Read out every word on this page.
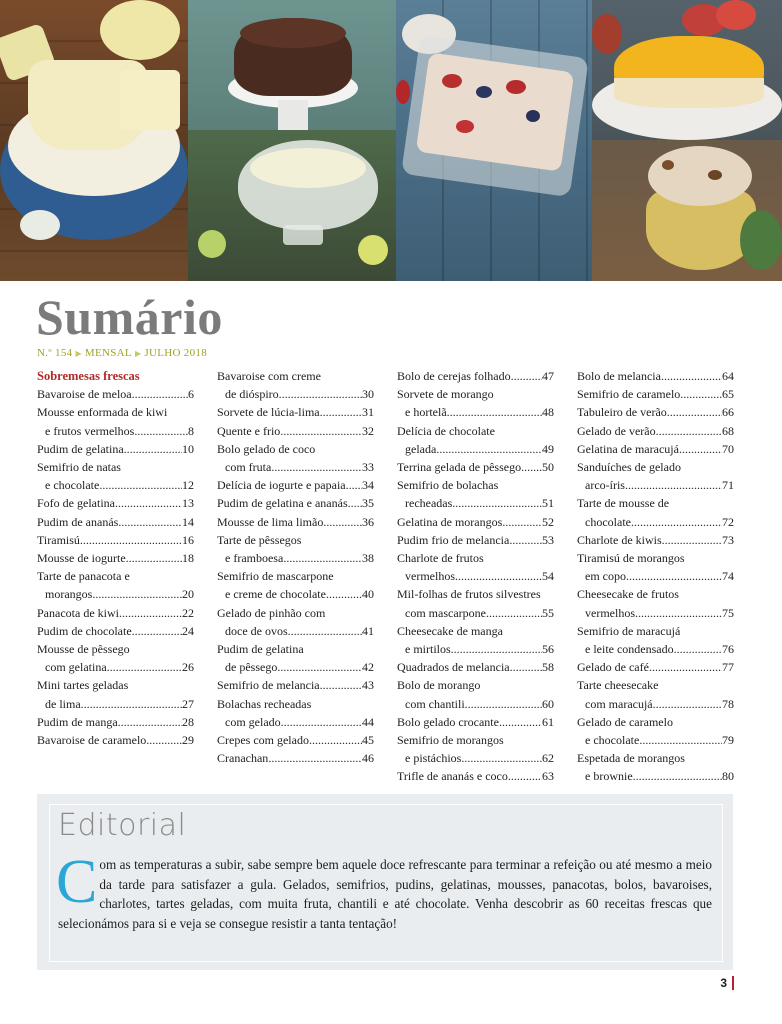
Sumário
N.º 154 ▶ MENSAL ▶ JULHO 2018
Sobremesas frescas
Bavaroise de meloa .....	6
Mousse enformada de kiwi
e frutos vermelhos .....	8
Pudim de gelatina .....	10
Semifrio de natas
e chocolate .....	12
Fofo de gelatina .....	13
Pudim de ananás .....	14
Tiramisú .....	16
Mousse de iogurte .....	18
Tarte de panacota e
morangos .....	20
Panacota de kiwi .....	22
Pudim de chocolate .....	24
Mousse de pêssego
com gelatina .....	26
Mini tartes geladas
de lima .....	27
Pudim de manga .....	28
Bavaroise de caramelo .....	29
Bavaroise com creme
de dióspiro .....	30
Sorvete de lúcia-lima .....	31
Quente e frio .....	32
Bolo gelado de coco
com fruta .....	33
Delícia de iogurte e papaia ..... 34
Pudim de gelatina e ananás ..... 35
Mousse de lima limão .....	36
Tarte de pêssegos
e framboesa .....	38
Semifrio de mascarpone
e creme de chocolate .....	40
Gelado de pinhão com
doce de ovos .....	41
Pudim de gelatina
de pêssego .....	42
Semifrio de melancia .....	43
Bolachas recheadas
com gelado .....	44
Crepes com gelado .....	45
Cranachan .....	46
Bolo de cerejas folhado .....	47
Sorvete de morango
e hortelã .....	48
Delícia de chocolate
gelada .....	49
Terrina gelada de pêssego ..... 50
Semifrio de bolachas
recheadas .....	51
Gelatina de morangos .....	52
Pudim frio de melancia .....	53
Charlote de frutos
vermelhos .....	54
Mil-folhas de frutos silvestres
com mascarpone .....	55
Cheesecake de manga
e mirtilos .....	56
Quadrados de melancia .....	58
Bolo de morango
com chantili .....	60
Bolo gelado crocante .....	61
Semifrio de morangos
e pistáchios .....	62
Trifle de ananás e coco .....	63
Bolo de melancia .....	64
Semifrio de caramelo .....	65
Tabuleiro de verão .....	66
Gelado de verão .....	68
Gelatina de maracujá .....	70
Sanduíches de gelado
arco-íris .....	71
Tarte de mousse de
chocolate .....	72
Charlote de kiwis .....	73
Tiramisú de morangos
em copo .....	74
Cheesecake de frutos
vermelhos .....	75
Semifrio de maracujá
e leite condensado .....	76
Gelado de café .....	77
Tarte cheesecake
com maracujá .....	78
Gelado de caramelo
e chocolate .....	79
Espetada de morangos
e brownie .....	80
Editorial
Com as temperaturas a subir, sabe sempre bem aquele doce refrescante para terminar a refeição ou até mesmo a meio da tarde para satisfazer a gula. Gelados, semifrios, pudins, gelatinas, mousses, panacotas, bolos, bavaroises, charlotes, tartes geladas, com muita fruta, chantili e até chocolate. Venha descobrir as 60 receitas frescas que selecionámos para si e veja se consegue resistir a tanta tentação!
3
